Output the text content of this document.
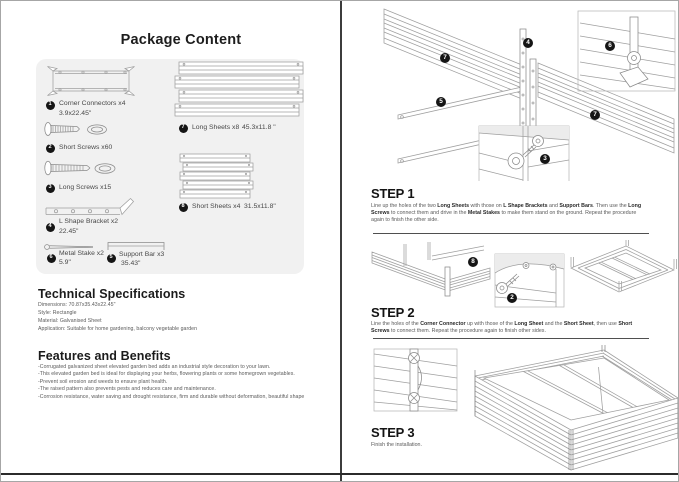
Package Content
1	Corner Connectors x4
3.9x22.45"
2	Short Screws x60
3	Long Screws x15
4
L Shape Bracket x2
22.45"
6
Metal Stake x2
5.9"
5 Support Bar x3
35.43"
7	Long Sheets x8 45.3x11.8 "
8	Short Sheets x4 31.5x11.8"
Technical Specifications
Dimensions: 70.87x35.43x22.45"
Style: Rectangle
Material: Galvanised Sheet
Application: Suitable for home gardening, balcony vegetable garden
Features and Benefits
-Corrugated galvanized sheet elevated garden bed adds an industrial style decoration to your lawn.
-This elevated garden bed is ideal for displaying your herbs, flowering plants or some homegrown vegetables.
-Prevent soil erosion and weeds to ensure plant health.
-The raised pattern also prevents pests and reduces care and maintenance.
-Corrosion resistance, water saving and drought resistance, firm and durable without deformation, beautiful shape
7
4	6
5
3
7
STEP 1
Line up the holes of the two Long Sheets with those on L Shape Brackets and Support Bars. Then use the Long Screws to connect them and drive in the Metal Stakes to make them stand on the ground. Repeat the procedure again to finish the other side.
8
2
STEP 2
Line the holes of the Corner Connector up with those of the Long Sheet and the Short Sheet, then use Short Screws to connect them. Repeat the procedure again to finish other sides.
STEP 3
Finish the installation.
